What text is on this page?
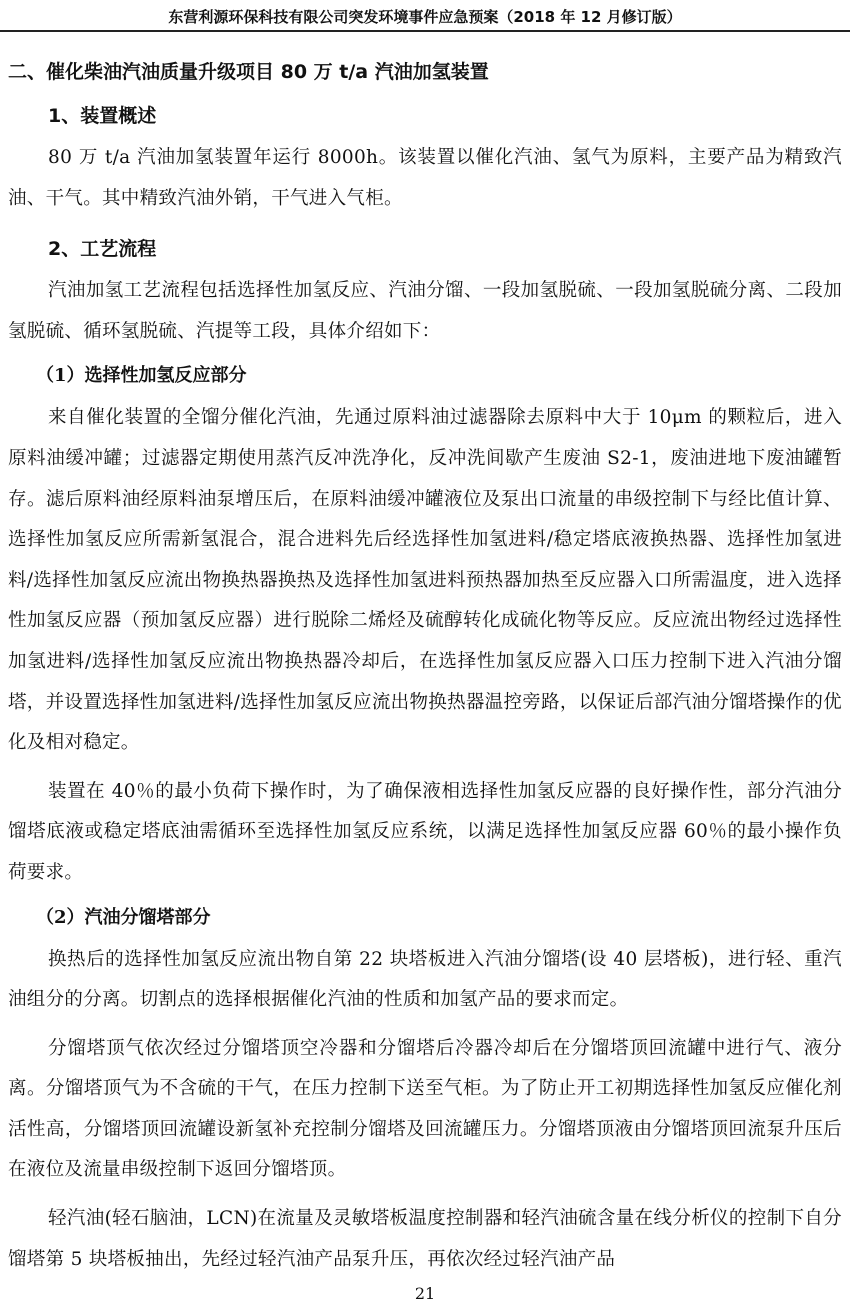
东营利源环保科技有限公司突发环境事件应急预案（2018 年 12 月修订版）
二、催化柴油汽油质量升级项目 80 万 t/a 汽油加氢装置
1、装置概述

80 万 t/a 汽油加氢装置年运行 8000h。该装置以催化汽油、氢气为原料，主要产品为精致汽油、干气。其中精致汽油外销，干气进入气柜。

2、工艺流程

汽油加氢工艺流程包括选择性加氢反应、汽油分馏、一段加氢脱硫、一段加氢脱硫分离、二段加氢脱硫、循环氢脱硫、汽提等工段，具体介绍如下：

（1）选择性加氢反应部分

来自催化装置的全馏分催化汽油，先通过原料油过滤器除去原料中大于 10μm 的颗粒后，进入原料油缓冲罐；过滤器定期使用蒸汽反冲洗净化，反冲洗间歇产生废油 S2-1，废油进地下废油罐暂存。滤后原料油经原料油泵增压后，在原料油缓冲罐液位及泵出口流量的串级控制下与经比值计算、选择性加氢反应所需新氢混合，混合进料先后经选择性加氢进料/稳定塔底液换热器、选择性加氢进料/选择性加氢反应流出物换热器换热及选择性加氢进料预热器加热至反应器入口所需温度，进入选择性加氢反应器（预加氢反应器）进行脱除二烯烃及硫醇转化成硫化物等反应。反应流出物经过选择性加氢进料/选择性加氢反应流出物换热器冷却后，在选择性加氢反应器入口压力控制下进入汽油分馏塔，并设置选择性加氢进料/选择性加氢反应流出物换热器温控旁路，以保证后部汽油分馏塔操作的优化及相对稳定。

装置在 40％的最小负荷下操作时，为了确保液相选择性加氢反应器的良好操作性，部分汽油分馏塔底液或稳定塔底油需循环至选择性加氢反应系统，以满足选择性加氢反应器 60％的最小操作负荷要求。

（2）汽油分馏塔部分

换热后的选择性加氢反应流出物自第 22 块塔板进入汽油分馏塔(设 40 层塔板)，进行轻、重汽油组分的分离。切割点的选择根据催化汽油的性质和加氢产品的要求而定。

分馏塔顶气依次经过分馏塔顶空冷器和分馏塔后冷器冷却后在分馏塔顶回流罐中进行气、液分离。分馏塔顶气为不含硫的干气，在压力控制下送至气柜。为了防止开工初期选择性加氢反应催化剂活性高，分馏塔顶回流罐设新氢补充控制分馏塔及回流罐压力。分馏塔顶液由分馏塔顶回流泵升压后在液位及流量串级控制下返回分馏塔顶。

轻汽油(轻石脑油，LCN)在流量及灵敏塔板温度控制器和轻汽油硫含量在线分析仪的控制下自分馏塔第 5 块塔板抽出，先经过轻汽油产品泵升压，再依次经过轻汽油产品

21
